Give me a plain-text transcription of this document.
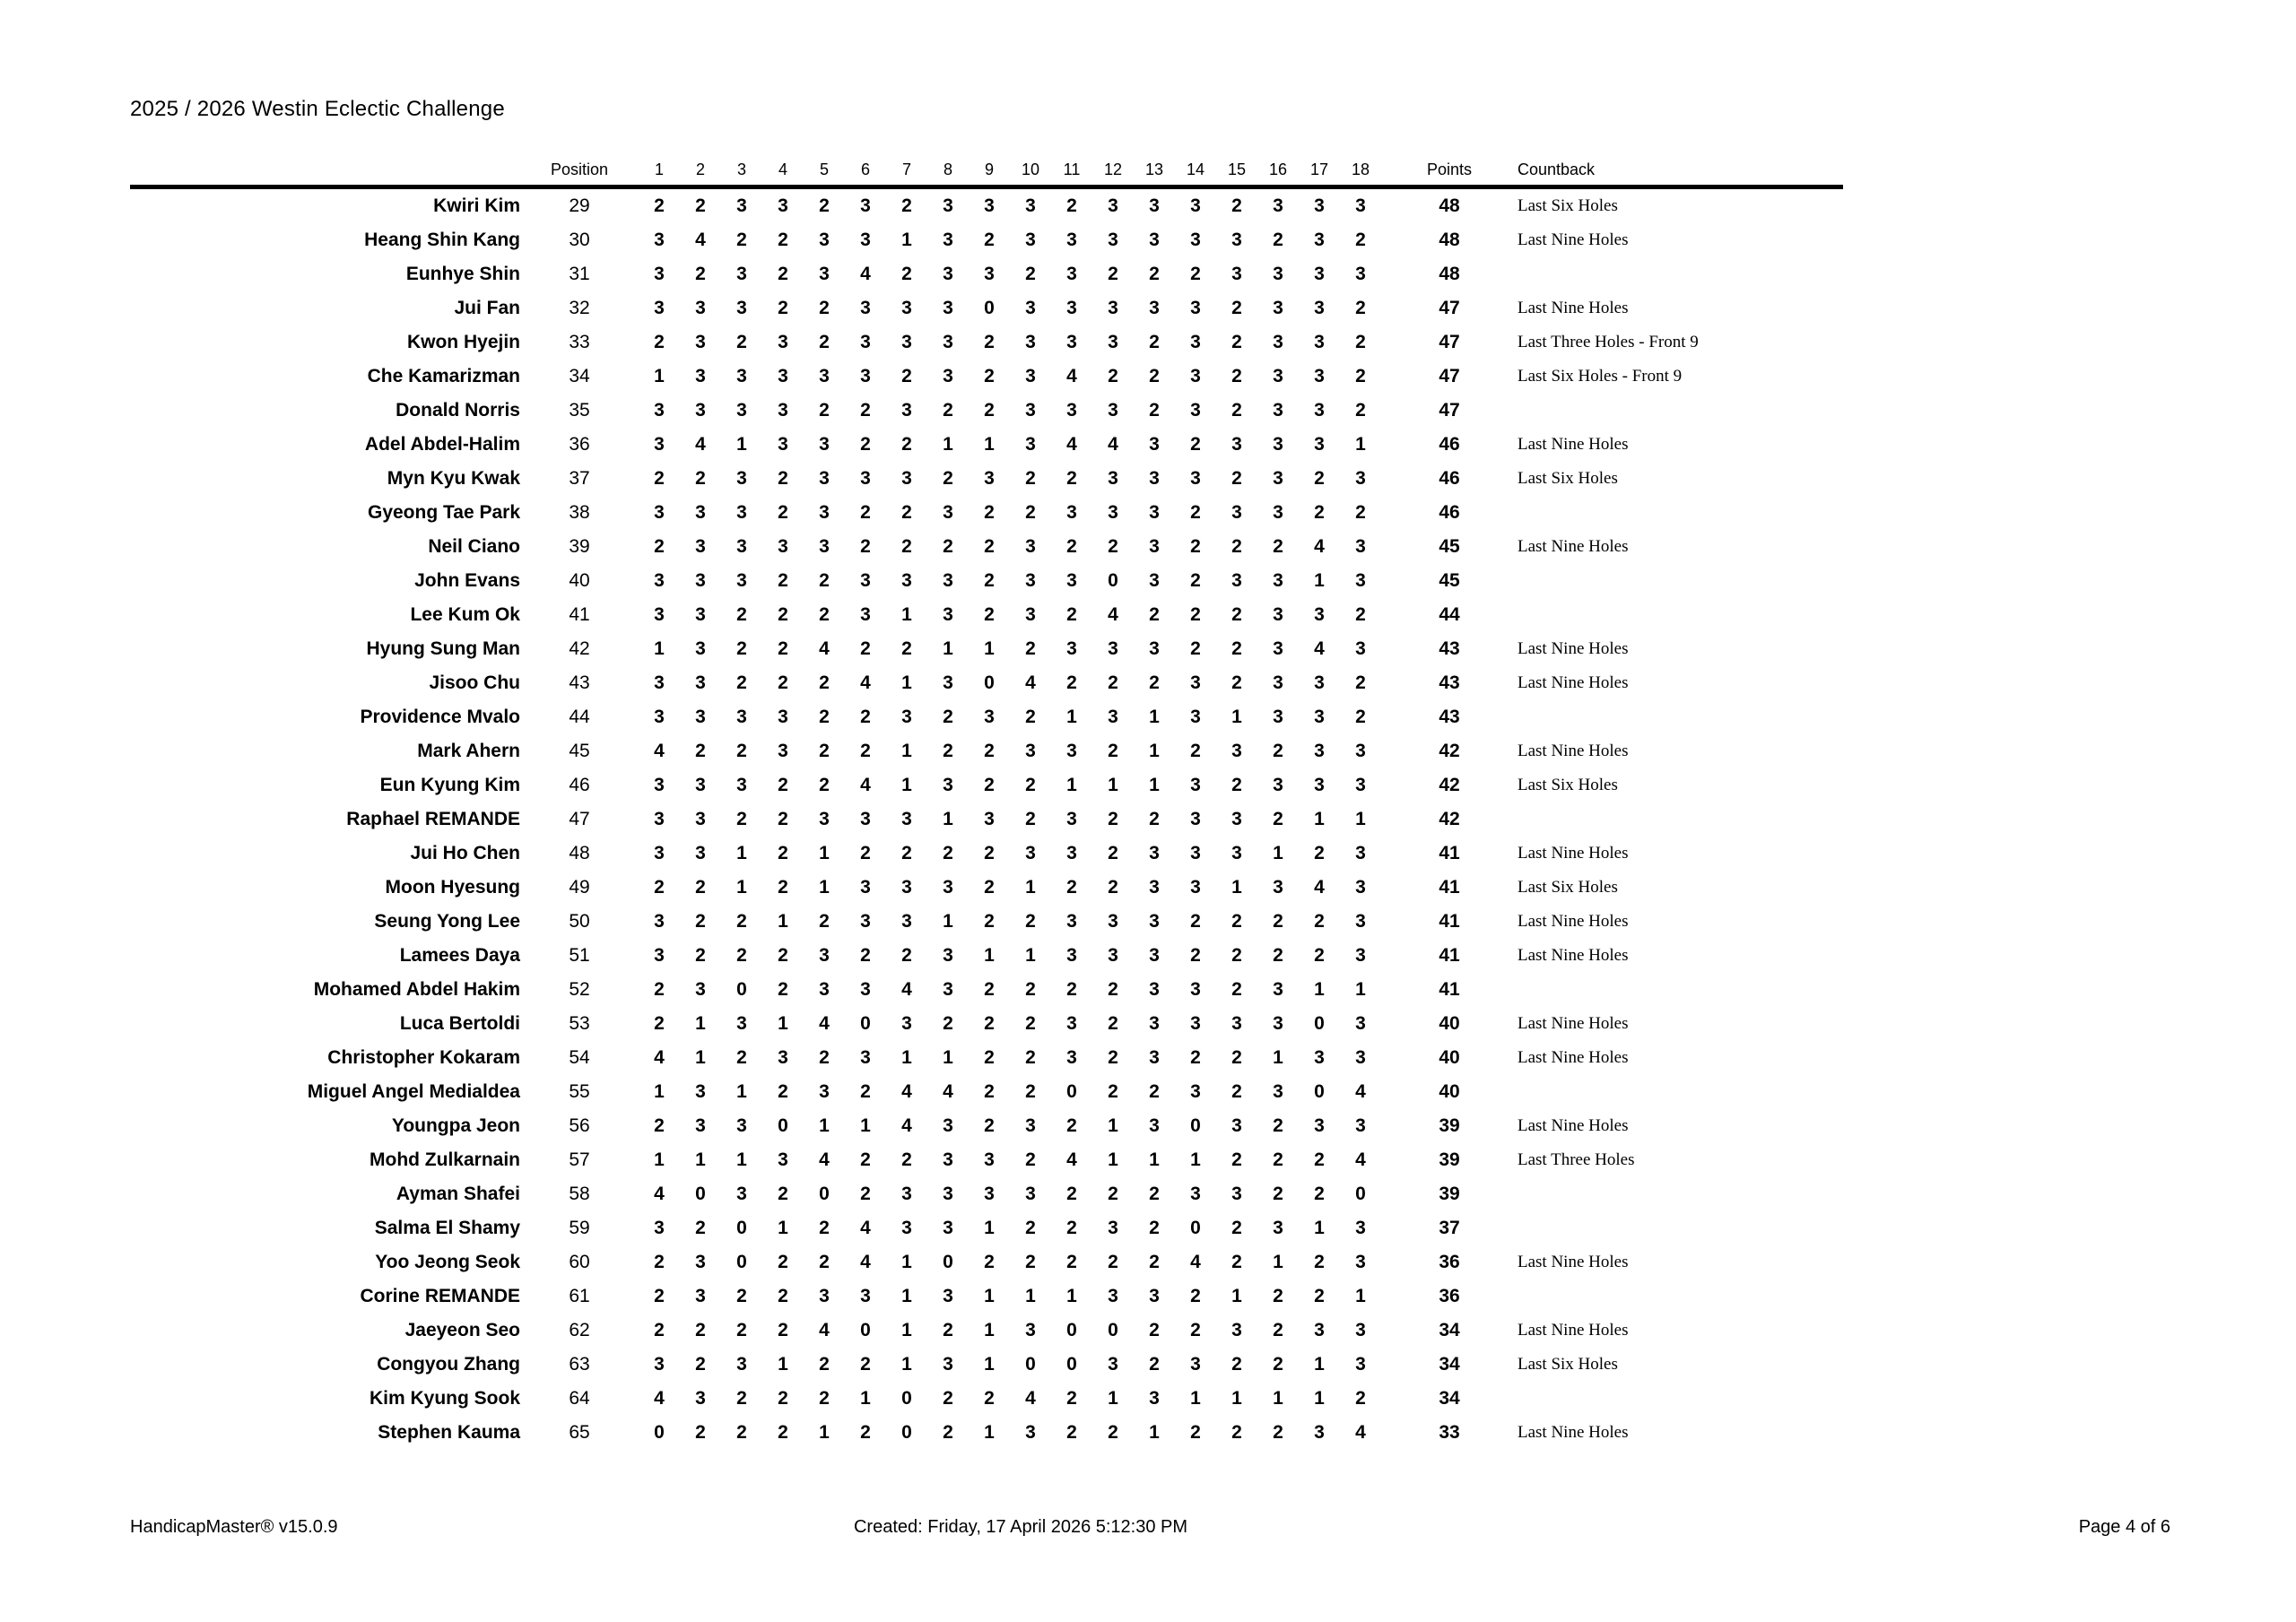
2025 / 2026 Westin Eclectic Challenge
Position	1	2	3	4	5	6	7	8	9	10	11	12	13	14	15	16	17	18	Points	Countback
Kwiri Kim	29	2	2	3	3	2	3	2	3	3	3	2	3	3	3	2	3	3	3	48	Last Six Holes
Heang Shin Kang	30	3	4	2	2	3	3	1	3	2	3	3	3	3	3	3	2	3	2	48	Last Nine Holes
Eunhye Shin	31	3	2	3	2	3	4	2	3	3	2	3	2	2	2	3	3	3	3	48
Jui Fan	32	3	3	3	2	2	3	3	3	0	3	3	3	3	3	2	3	3	2	47	Last Nine Holes
Kwon Hyejin	33	2	3	2	3	2	3	3	3	2	3	3	3	2	3	2	3	3	2	47	Last Three Holes - Front 9
Che Kamarizman	34	1	3	3	3	3	3	2	3	2	3	4	2	2	3	2	3	3	2	47	Last Six Holes - Front 9
Donald Norris	35	3	3	3	3	2	2	3	2	2	3	3	3	2	3	2	3	3	2	47
Adel Abdel-Halim	36	3	4	1	3	3	2	2	1	1	3	4	4	3	2	3	3	3	1	46	Last Nine Holes
Myn Kyu Kwak	37	2	2	3	2	3	3	3	2	3	2	2	3	3	3	2	3	2	3	46	Last Six Holes
Gyeong Tae Park	38	3	3	3	2	3	2	2	3	2	2	3	3	3	2	3	3	2	2	46
Neil Ciano	39	2	3	3	3	3	2	2	2	2	3	2	2	3	2	2	2	4	3	45	Last Nine Holes
John Evans	40	3	3	3	2	2	3	3	3	2	3	3	0	3	2	3	3	1	3	45
Lee Kum Ok	41	3	3	2	2	2	3	1	3	2	3	2	4	2	2	2	3	3	2	44
Hyung Sung Man	42	1	3	2	2	4	2	2	1	1	2	3	3	3	2	2	3	4	3	43	Last Nine Holes
Jisoo Chu	43	3	3	2	2	2	4	1	3	0	4	2	2	2	3	2	3	3	2	43	Last Nine Holes
Providence Mvalo	44	3	3	3	3	2	2	3	2	3	2	1	3	1	3	1	3	3	2	43
Mark Ahern	45	4	2	2	3	2	2	1	2	2	3	3	2	1	2	3	2	3	3	42	Last Nine Holes
Eun Kyung Kim	46	3	3	3	2	2	4	1	3	2	2	1	1	1	3	2	3	3	3	42	Last Six Holes
Raphael REMANDE	47	3	3	2	2	3	3	3	1	3	2	3	2	2	3	3	2	1	1	42
Jui Ho Chen	48	3	3	1	2	1	2	2	2	2	3	3	2	3	3	3	1	2	3	41	Last Nine Holes
Moon Hyesung	49	2	2	1	2	1	3	3	3	2	1	2	2	3	3	1	3	4	3	41	Last Six Holes
Seung Yong Lee	50	3	2	2	1	2	3	3	1	2	2	3	3	3	2	2	2	2	3	41	Last Nine Holes
Lamees Daya	51	3	2	2	2	3	2	2	3	1	1	3	3	3	2	2	2	2	3	41	Last Nine Holes
Mohamed Abdel Hakim	52	2	3	0	2	3	3	4	3	2	2	2	2	3	3	2	3	1	1	41
Luca Bertoldi	53	2	1	3	1	4	0	3	2	2	2	3	2	3	3	3	3	0	3	40	Last Nine Holes
Christopher Kokaram	54	4	1	2	3	2	3	1	1	2	2	3	2	3	2	2	1	3	3	40	Last Nine Holes
Miguel Angel Medialdea	55	1	3	1	2	3	2	4	4	2	2	0	2	2	3	2	3	0	4	40
Youngpa Jeon	56	2	3	3	0	1	1	4	3	2	3	2	1	3	0	3	2	3	3	39	Last Nine Holes
Mohd Zulkarnain	57	1	1	1	3	4	2	2	3	3	2	4	1	1	1	2	2	2	4	39	Last Three Holes
Ayman Shafei	58	4	0	3	2	0	2	3	3	3	3	2	2	2	3	3	2	2	0	39
Salma El Shamy	59	3	2	0	1	2	4	3	3	1	2	2	3	2	0	2	3	1	3	37
Yoo Jeong Seok	60	2	3	0	2	2	4	1	0	2	2	2	2	2	4	2	1	2	3	36	Last Nine Holes
Corine REMANDE	61	2	3	2	2	3	3	1	3	1	1	1	3	3	2	1	2	2	1	36
Jaeyeon Seo	62	2	2	2	2	4	0	1	2	1	3	0	0	2	2	3	2	3	3	34	Last Nine Holes
Congyou Zhang	63	3	2	3	1	2	2	1	3	1	0	0	3	2	3	2	2	1	3	34	Last Six Holes
Kim Kyung Sook	64	4	3	2	2	2	1	0	2	2	4	2	1	3	1	1	1	1	2	34
Stephen Kauma	65	0	2	2	2	1	2	0	2	1	3	2	2	1	2	2	2	3	4	33	Last Nine Holes
HandicapMaster® v15.0.9	Created: Friday, 17 April 2026 5:12:30 PM	Page 4 of 6
